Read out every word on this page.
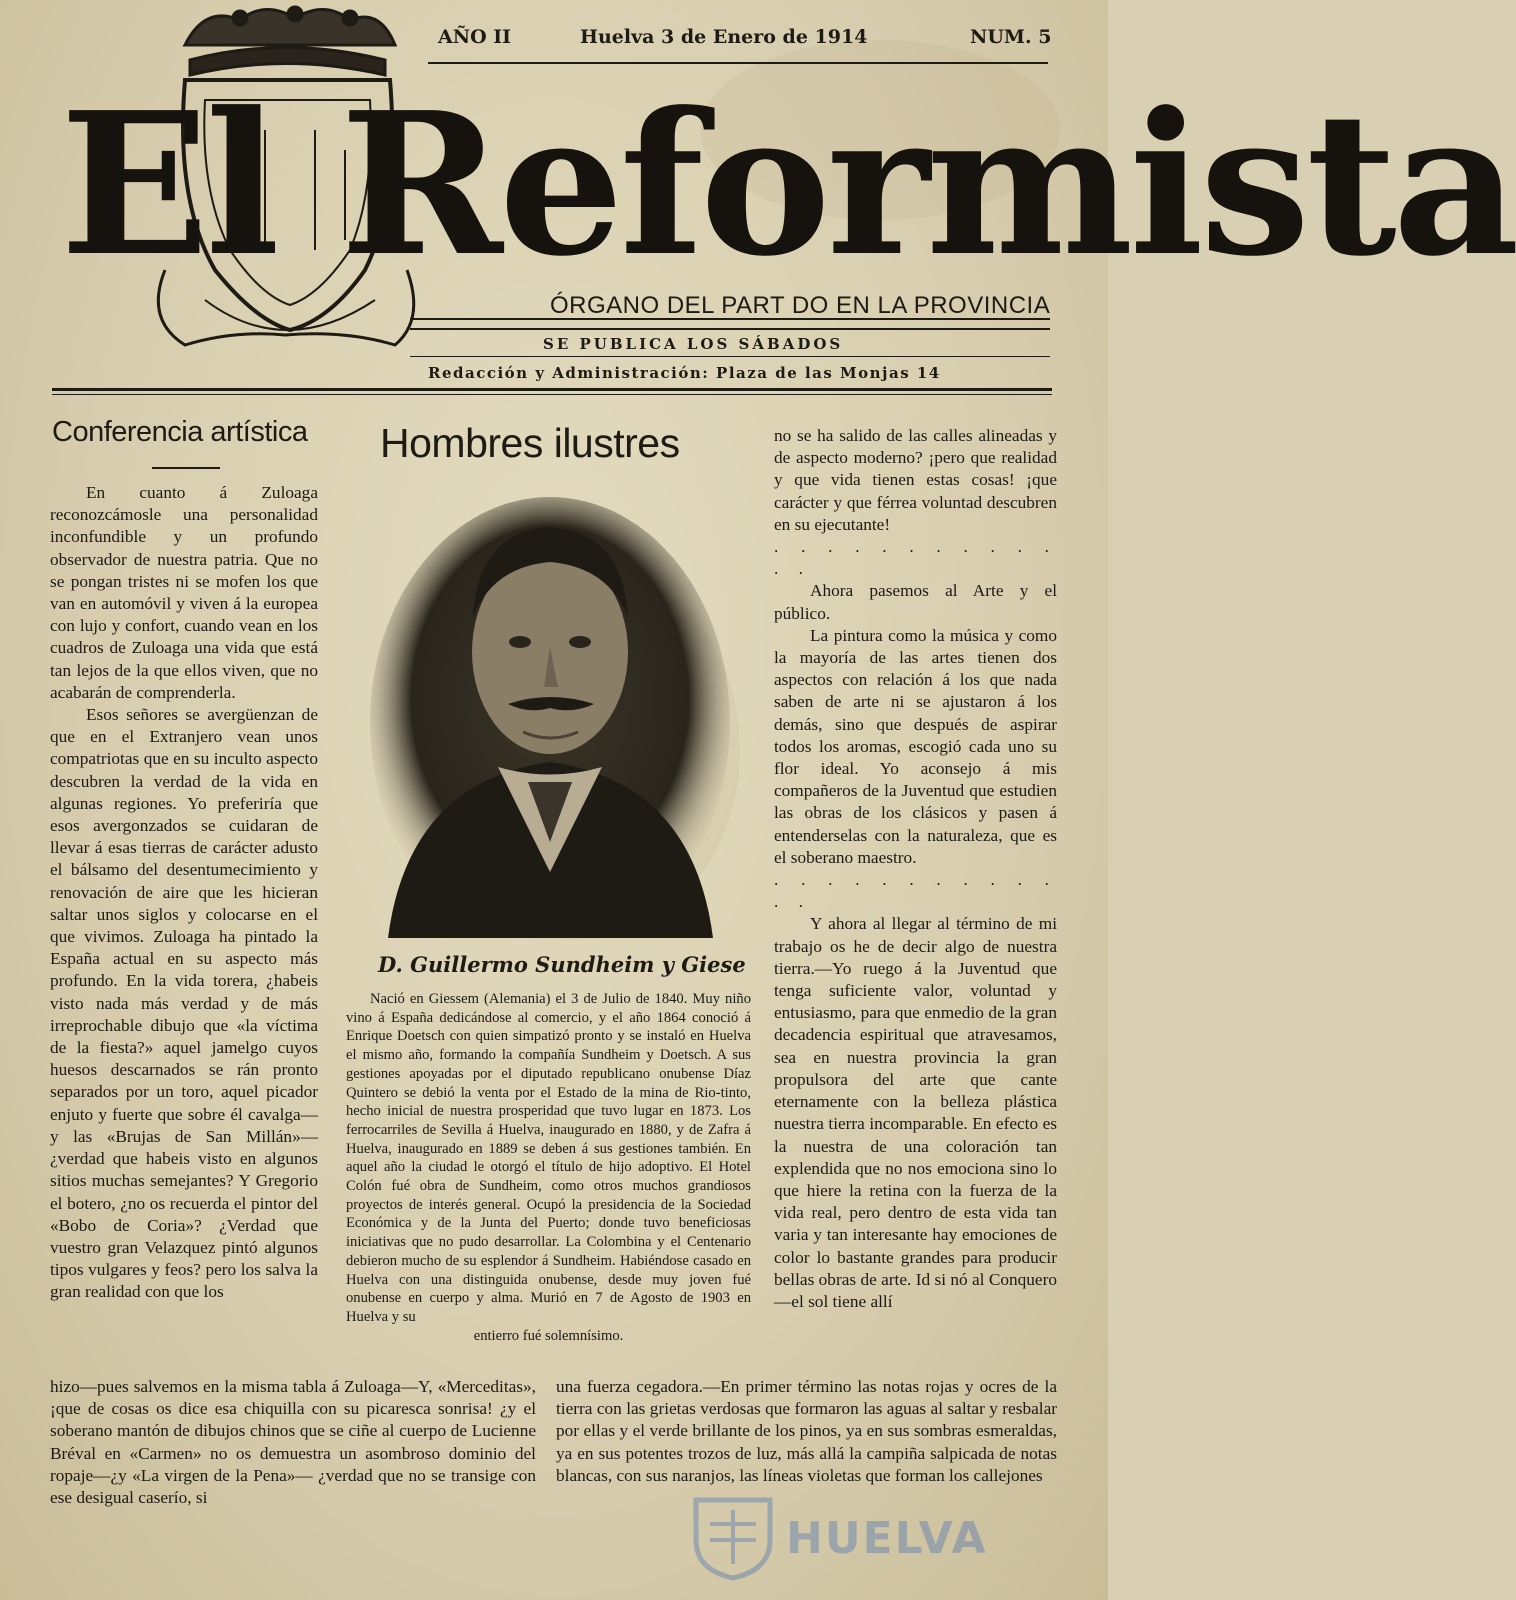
AÑO II	Huelva 3 de Enero de 1914	NUM. 5
El Reformista
ÓRGANO DEL PART DO EN LA PROVINCIA
SE PUBLICA LOS SÁBADOS
Redacción y Administración: Plaza de las Monjas 14
Conferencia artística

En cuanto á Zuloaga reconozcámosle una personalidad inconfundible y un profundo observador de nuestra patria. Que no se pongan tristes ni se mofen los que van en automóvil y viven á la europea con lujo y confort, cuando vean en los cuadros de Zuloaga una vida que está tan lejos de la que ellos viven, que no acabarán de comprenderla.

Esos señores se avergüenzan de que en el Extranjero vean unos compatriotas que en su inculto aspecto descubren la verdad de la vida en algunas regiones. Yo preferiría que esos avergonzados se cuidaran de llevar á esas tierras de carácter adusto el bálsamo del desentumecimiento y renovación de aire que les hicieran saltar unos siglos y colocarse en el que vivimos. Zuloaga ha pintado la España actual en su aspecto más profundo. En la vida torera, ¿habeis visto nada más verdad y de más irreprochable dibujo que «la víctima de la fiesta?» aquel jamelgo cuyos huesos descarnados se rán pronto separados por un toro, aquel picador enjuto y fuerte que sobre él cavalga—y las «Brujas de San Millán»—¿verdad que habeis visto en algunos sitios muchas semejantes? Y Gregorio el botero, ¿no os recuerda el pintor del «Bobo de Coria»? ¿Verdad que vuestro gran Velazquez pintó algunos tipos vulgares y feos? pero los salva la gran realidad con que los

hizo—pues salvemos en la misma tabla á Zuloaga—Y, «Merceditas», ¡que de cosas os dice esa chiquilla con su picaresca sonrisa! ¿y el soberano mantón de dibujos chinos que se ciñe al cuerpo de Lucienne Bréval en «Carmen» no os demuestra un asombroso dominio del ropaje—¿y «La virgen de la Pena»— ¿verdad que no se transige con ese desigual caserío, si

Hombres ilustres
D. Guillermo Sundheim y Giese

Nació en Giessem (Alemania) el 3 de Julio de 1840. Muy niño vino á España dedicándose al comercio, y el año 1864 conoció á Enrique Doetsch con quien simpatizó pronto y se instaló en Huelva el mismo año, formando la compañía Sundheim y Doetsch. A sus gestiones apoyadas por el diputado republicano onubense Díaz Quintero se debió la venta por el Estado de la mina de Rio-tinto, hecho inicial de nuestra prosperidad que tuvo lugar en 1873. Los ferrocarriles de Sevilla á Huelva, inaugurado en 1880, y de Zafra á Huelva, inaugurado en 1889 se deben á sus gestiones también. En aquel año la ciudad le otorgó el título de hijo adoptivo. El Hotel Colón fué obra de Sundheim, como otros muchos grandiosos proyectos de interés general. Ocupó la presidencia de la Sociedad Económica y de la Junta del Puerto; donde tuvo beneficiosas iniciativas que no pudo desarrollar. La Colombina y el Centenario debieron mucho de su esplendor á Sundheim. Habiéndose casado en Huelva con una distinguida onubense, desde muy joven fué onubense en cuerpo y alma. Murió en 7 de Agosto de 1903 en Huelva y su

entierro fué solemnísimo.

no se ha salido de las calles alineadas y de aspecto moderno? ¡pero que realidad y que vida tienen estas cosas! ¡que carácter y que férrea voluntad descubren en su ejecutante!

. . . . . . . . . . . . .

Ahora pasemos al Arte y el público.

La pintura como la música y como la mayoría de las artes tienen dos aspectos con relación á los que nada saben de arte ni se ajustaron á los demás, sino que después de aspirar todos los aromas, escogió cada uno su flor ideal. Yo aconsejo á mis compañeros de la Juventud que estudien las obras de los clásicos y pasen á entenderselas con la naturaleza, que es el soberano maestro.

. . . . . . . . . . . . .

Y ahora al llegar al término de mi trabajo os he de decir algo de nuestra tierra.—Yo ruego á la Juventud que tenga suficiente valor, voluntad y entusiasmo, para que enmedio de la gran decadencia espiritual que atravesamos, sea en nuestra provincia la gran propulsora del arte que cante eternamente con la belleza plástica nuestra tierra incomparable. En efecto es la nuestra de una coloración tan explendida que no nos emociona sino lo que hiere la retina con la fuerza de la vida real, pero dentro de esta vida tan varia y tan interesante hay emociones de color lo bastante grandes para producir bellas obras de arte. Id si nó al Conquero—el sol tiene allí

una fuerza cegadora.—En primer término las notas rojas y ocres de la tierra con las grietas verdosas que formaron las aguas al saltar y resbalar por ellas y el verde brillante de los pinos, ya en sus sombras esmeraldas, ya en sus potentes trozos de luz, más allá la campiña salpicada de notas blancas, con sus naranjos, las líneas violetas que forman los callejones

HUELVA
